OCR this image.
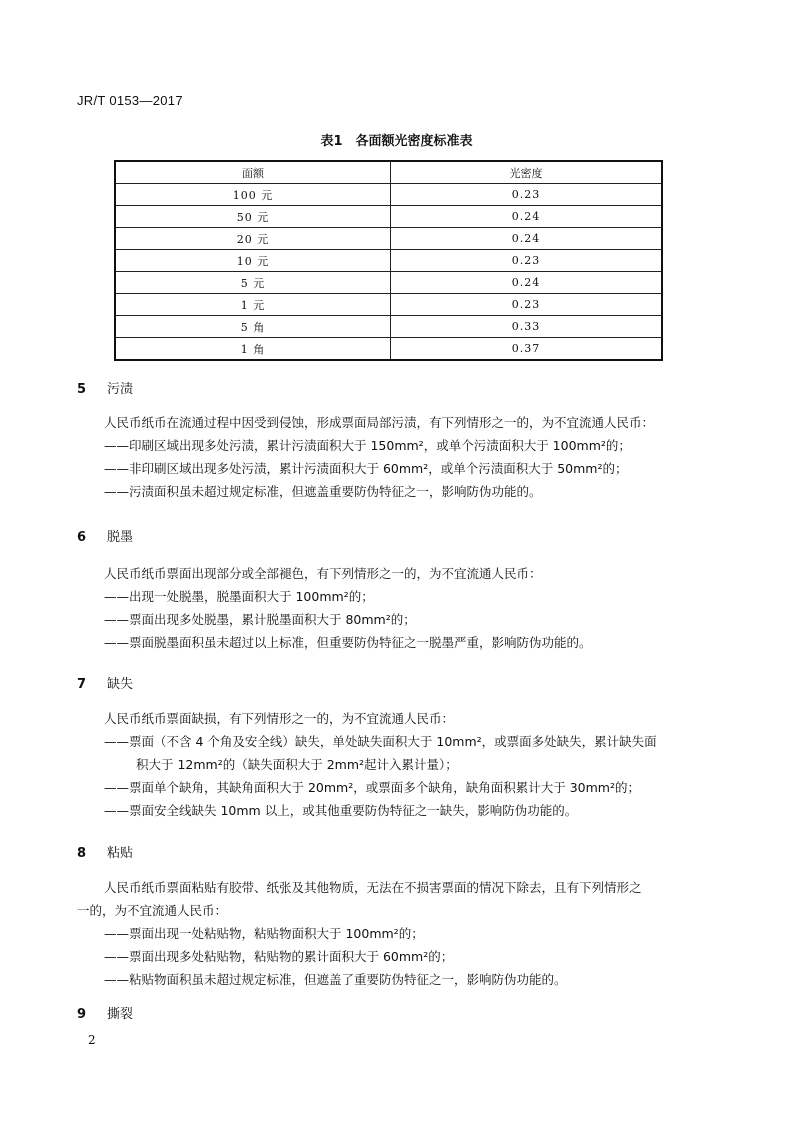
JR/T 0153—2017
表1　各面额光密度标准表
面额	光密度
100 元	0.23
50 元	0.24
20 元	0.24
10 元	0.23
5 元	0.24
1 元	0.23
5 角	0.33
1 角	0.37
5 污渍
人民币纸币在流通过程中因受到侵蚀，形成票面局部污渍，有下列情形之一的，为不宜流通人民币：
——印刷区域出现多处污渍，累计污渍面积大于 150mm²，或单个污渍面积大于 100mm²的；
——非印刷区域出现多处污渍，累计污渍面积大于 60mm²，或单个污渍面积大于 50mm²的；
——污渍面积虽未超过规定标准，但遮盖重要防伪特征之一，影响防伪功能的。
6 脱墨
人民币纸币票面出现部分或全部褪色，有下列情形之一的，为不宜流通人民币：
——出现一处脱墨，脱墨面积大于 100mm²的；
——票面出现多处脱墨，累计脱墨面积大于 80mm²的；
——票面脱墨面积虽未超过以上标准，但重要防伪特征之一脱墨严重，影响防伪功能的。
7 缺失
人民币纸币票面缺损，有下列情形之一的，为不宜流通人民币：
——票面（不含 4 个角及安全线）缺失，单处缺失面积大于 10mm²，或票面多处缺失，累计缺失面
积大于 12mm²的（缺失面积大于 2mm²起计入累计量）；
——票面单个缺角，其缺角面积大于 20mm²，或票面多个缺角，缺角面积累计大于 30mm²的；
——票面安全线缺失 10mm 以上，或其他重要防伪特征之一缺失，影响防伪功能的。
8 粘贴
人民币纸币票面粘贴有胶带、纸张及其他物质，无法在不损害票面的情况下除去，且有下列情形之
一的，为不宜流通人民币：
——票面出现一处粘贴物，粘贴物面积大于 100mm²的；
——票面出现多处粘贴物，粘贴物的累计面积大于 60mm²的；
——粘贴物面积虽未超过规定标准，但遮盖了重要防伪特征之一，影响防伪功能的。
9 撕裂
2
